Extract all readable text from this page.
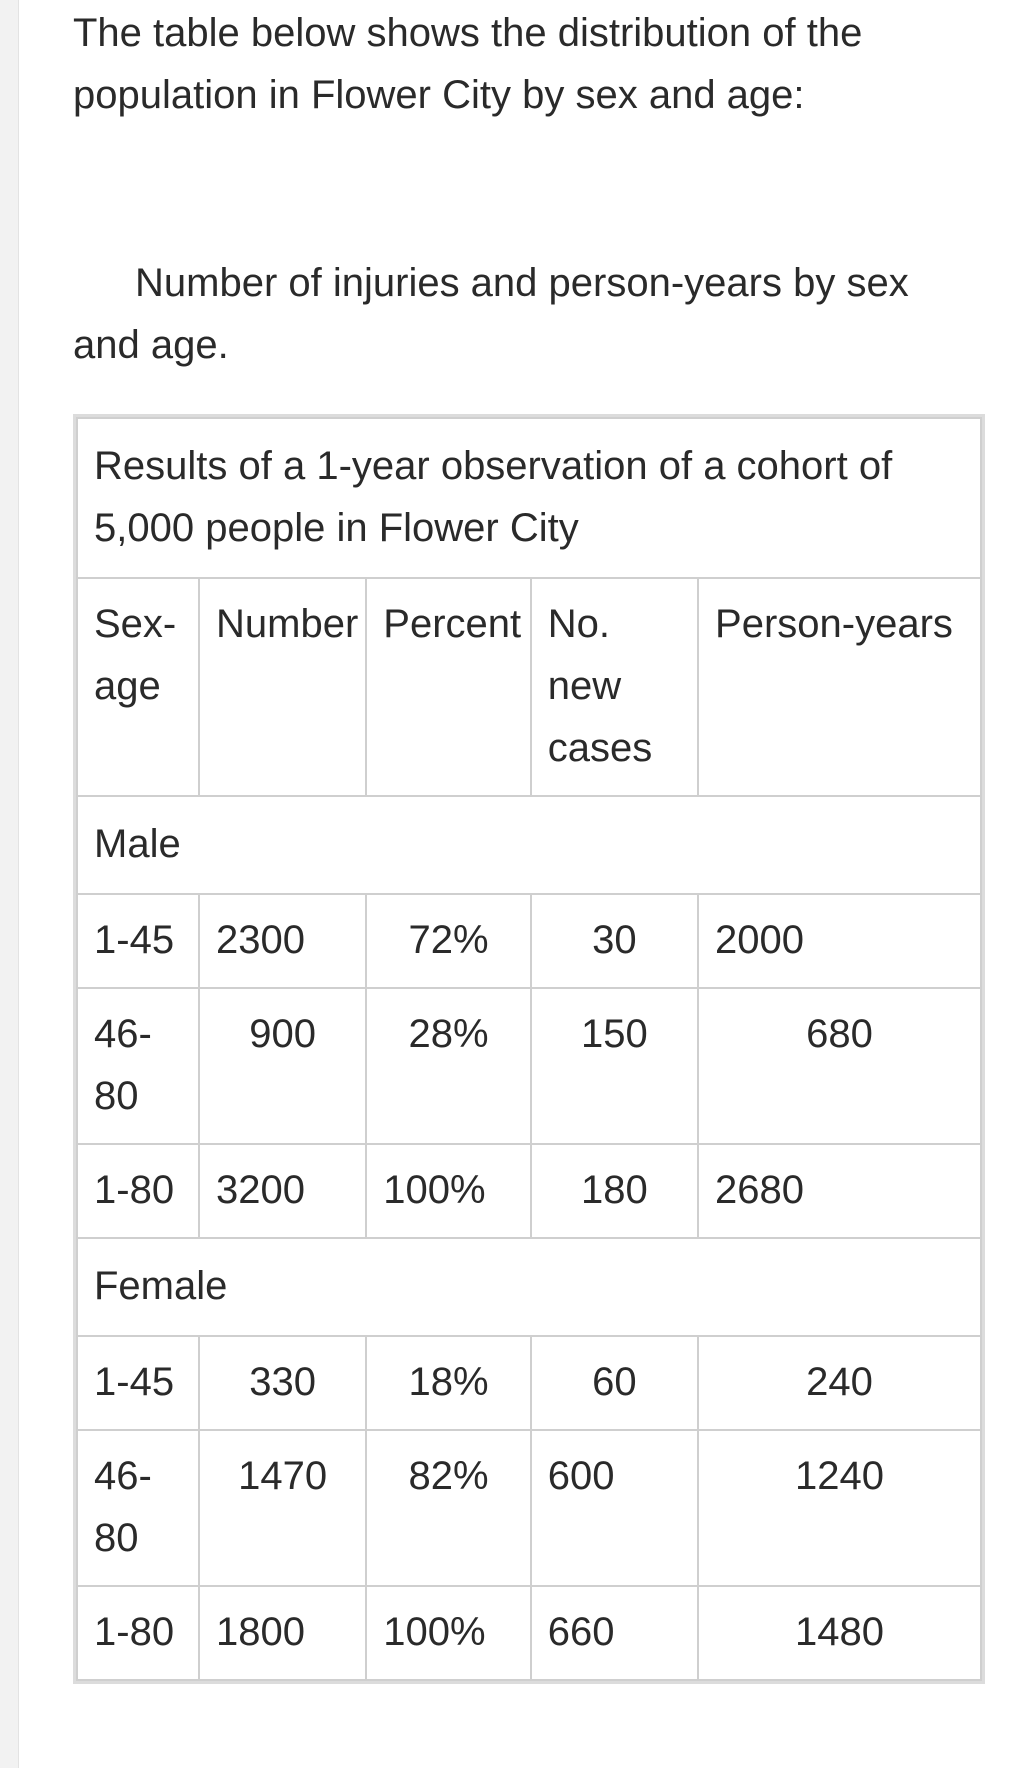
The table below shows the distribution of the population in Flower City by sex and age:

Number of injuries and person-years by sex and age.

Results of a 1-year observation of a cohort of 5,000 people in Flower City				
Sex-age	Number	Percent	No. new cases	Person-years
Male				
1-45	2300	72%	30	2000
46-80	900	28%	150	680
1-80	3200	100%	180	2680
Female				
1-45	330	18%	60	240
46-80	1470	82%	600	1240
1-80	1800	100%	660	1480
